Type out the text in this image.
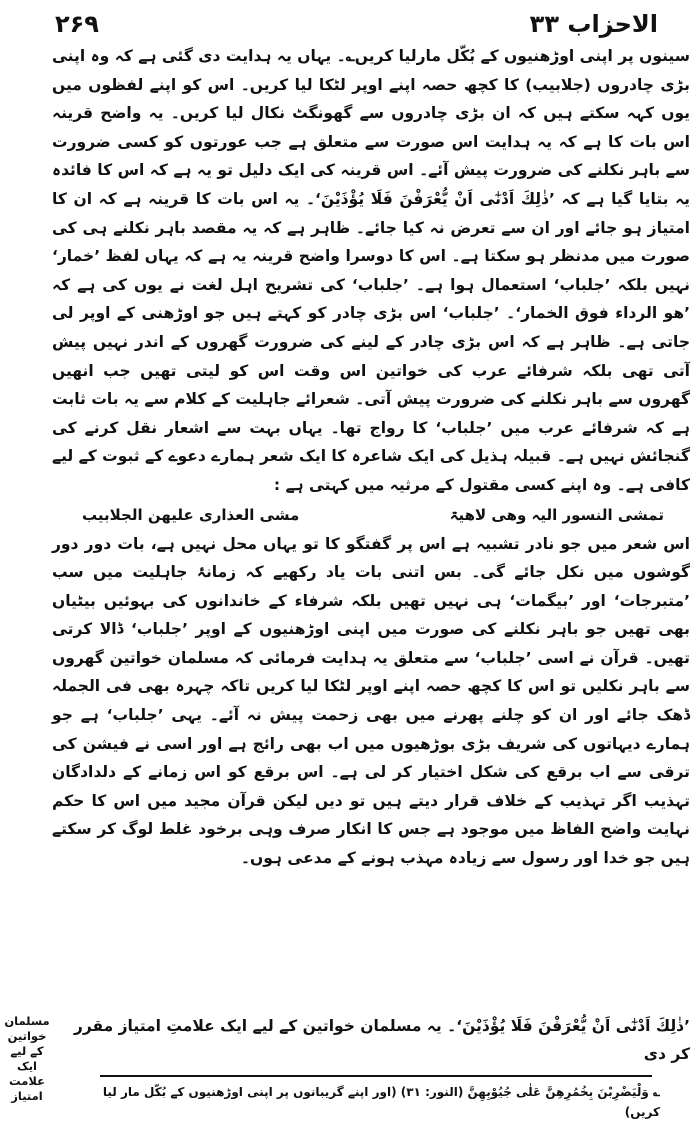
۲۶۹	الاحزاب ۳۳

سینوں پر اپنی اوڑھنیوں کے بُکّل مارلیا کریں؎۔ یہاں یہ ہدایت دی گئی ہے کہ وہ اپنی بڑی چادروں (جلابیب) کا کچھ حصہ اپنے اوپر لٹکا لیا کریں۔ اس کو اپنے لفظوں میں یوں کہہ سکتے ہیں کہ ان بڑی چادروں سے گھونگٹ نکال لیا کریں۔ یہ واضح قرینہ اس بات کا ہے کہ یہ ہدایت اس صورت سے متعلق ہے جب عورتوں کو کسی ضرورت سے باہر نکلنے کی ضرورت پیش آئے۔ اس قرینہ کی ایک دلیل تو یہ ہے کہ اس کا فائدہ یہ بتایا گیا ہے کہ ’ذٰلِكَ اَدْنٰٓى اَنْ يُّعْرَفْنَ فَلَا يُؤْذَيْنَ‘۔ یہ اس بات کا قرینہ ہے کہ ان کا امتیاز ہو جائے اور ان سے تعرض نہ کیا جائے۔ ظاہر ہے کہ یہ مقصد باہر نکلنے ہی کی صورت میں مدنظر ہو سکتا ہے۔ اس کا دوسرا واضح قرینہ یہ ہے کہ یہاں لفظ ’خمار‘ نہیں بلکہ ’جلباب‘ استعمال ہوا ہے۔ ’جلباب‘ کی تشریح اہل لغت نے یوں کی ہے کہ ’ھو الرداء فوق الخمار‘۔ ’جلباب‘ اس بڑی چادر کو کہتے ہیں جو اوڑھنی کے اوپر لی جاتی ہے۔ ظاہر ہے کہ اس بڑی چادر کے لینے کی ضرورت گھروں کے اندر نہیں پیش آتی تھی بلکہ شرفائے عرب کی خواتین اس وقت اس کو لیتی تھیں جب انھیں گھروں سے باہر نکلنے کی ضرورت پیش آتی۔ شعرائے جاہلیت کے کلام سے یہ بات ثابت ہے کہ شرفائے عرب میں ’جلباب‘ کا رواج تھا۔ یہاں بہت سے اشعار نقل کرنے کی گنجائش نہیں ہے۔ قبیلہ ہذیل کی ایک شاعرہ کا ایک شعر ہمارے دعوے کے ثبوت کے لیے کافی ہے۔ وہ اپنے کسی مقتول کے مرثیہ میں کہتی ہے :

تمشی النسور الیہ وھی لاھیۃ
مشی العذاری علیھن الجلابیب

اس شعر میں جو نادر تشبیہ ہے اس پر گفتگو کا تو یہاں محل نہیں ہے، بات دور دور گوشوں میں نکل جائے گی۔ بس اتنی بات یاد رکھیے کہ زمانۂ جاہلیت میں سب ’متبرجات‘ اور ’بیگمات‘ ہی نہیں تھیں بلکہ شرفاء کے خاندانوں کی بہوئیں بیٹیاں بھی تھیں جو باہر نکلنے کی صورت میں اپنی اوڑھنیوں کے اوپر ’جلباب‘ ڈالا کرتی تھیں۔ قرآن نے اسی ’جلباب‘ سے متعلق یہ ہدایت فرمائی کہ مسلمان خواتین گھروں سے باہر نکلیں تو اس کا کچھ حصہ اپنے اوپر لٹکا لیا کریں تاکہ چہرہ بھی فی الجملہ ڈھک جائے اور ان کو چلنے پھرنے میں بھی زحمت پیش نہ آئے۔ یہی ’جلباب‘ ہے جو ہمارے دیہاتوں کی شریف بڑی بوڑھیوں میں اب بھی رائج ہے اور اسی نے فیشن کی ترقی سے اب برقع کی شکل اختیار کر لی ہے۔ اس برقع کو اس زمانے کے دلدادگان تہذیب اگر تہذیب کے خلاف قرار دیتے ہیں تو دیں لیکن قرآن مجید میں اس کا حکم نہایت واضح الفاظ میں موجود ہے جس کا انکار صرف وہی برخود غلط لوگ کر سکتے ہیں جو خدا اور رسول سے زیادہ مہذب ہونے کے مدعی ہوں۔

’ذٰلِكَ اَدْنٰٓى اَنْ يُّعْرَفْنَ فَلَا يُؤْذَيْنَ‘۔ یہ مسلمان خواتین کے لیے ایک علامتِ امتیاز مقرر کر دی
مسلمان خواتین کے لیے ایک علامت امتیاز	؎ وَلْيَضْرِبْنَ بِخُمُرِهِنَّ عَلٰى جُيُوْبِهِنَّ (النور: ۳۱) (اور اپنے گریبانوں پر اپنی اوڑھنیوں کے بُکّل مار لیا کریں)
